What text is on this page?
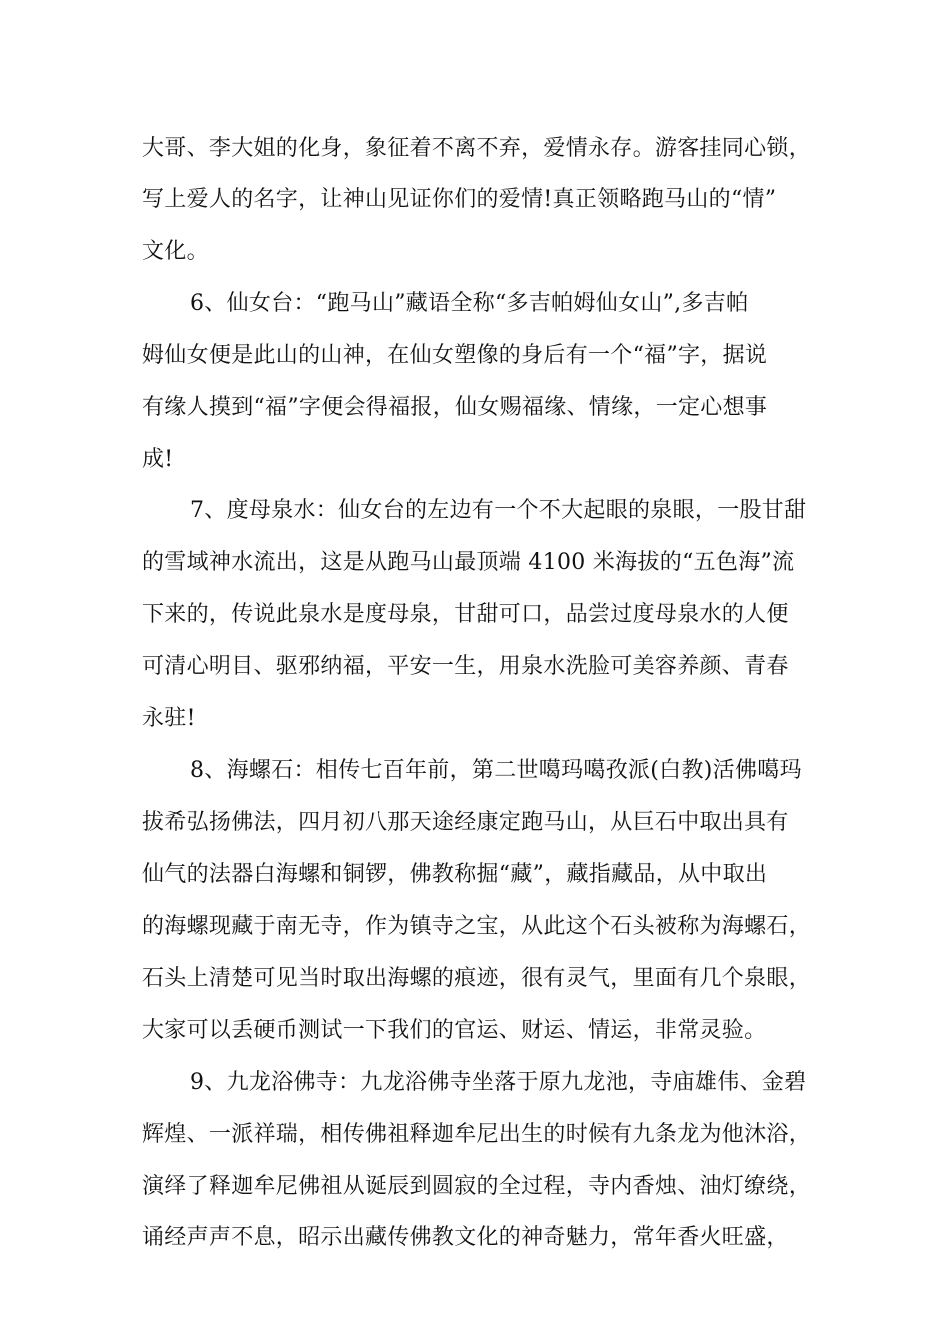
大哥、李大姐的化身，象征着不离不弃，爱情永存。游客挂同心锁，
写上爱人的名字，让神山见证你们的爱情!真正领略跑马山的“情”
文化。
6、仙女台：“跑马山”藏语全称“多吉帕姆仙女山”,多吉帕
姆仙女便是此山的山神，在仙女塑像的身后有一个“福”字，据说
有缘人摸到“福”字便会得福报，仙女赐福缘、情缘，一定心想事
成!
7、度母泉水：仙女台的左边有一个不大起眼的泉眼，一股甘甜
的雪域神水流出，这是从跑马山最顶端 4100 米海拔的“五色海”流
下来的，传说此泉水是度母泉，甘甜可口，品尝过度母泉水的人便
可清心明目、驱邪纳福，平安一生，用泉水洗脸可美容养颜、青春
永驻!
8、海螺石：相传七百年前，第二世噶玛噶孜派(白教)活佛噶玛
拔希弘扬佛法，四月初八那天途经康定跑马山，从巨石中取出具有
仙气的法器白海螺和铜锣，佛教称掘“藏”，藏指藏品，从中取出
的海螺现藏于南无寺，作为镇寺之宝，从此这个石头被称为海螺石，
石头上清楚可见当时取出海螺的痕迹，很有灵气，里面有几个泉眼，
大家可以丢硬币测试一下我们的官运、财运、情运，非常灵验。
9、九龙浴佛寺：九龙浴佛寺坐落于原九龙池，寺庙雄伟、金碧
辉煌、一派祥瑞，相传佛祖释迦牟尼出生的时候有九条龙为他沐浴，
演绎了释迦牟尼佛祖从诞辰到圆寂的全过程，寺内香烛、油灯缭绕，
诵经声声不息，昭示出藏传佛教文化的神奇魅力，常年香火旺盛，
